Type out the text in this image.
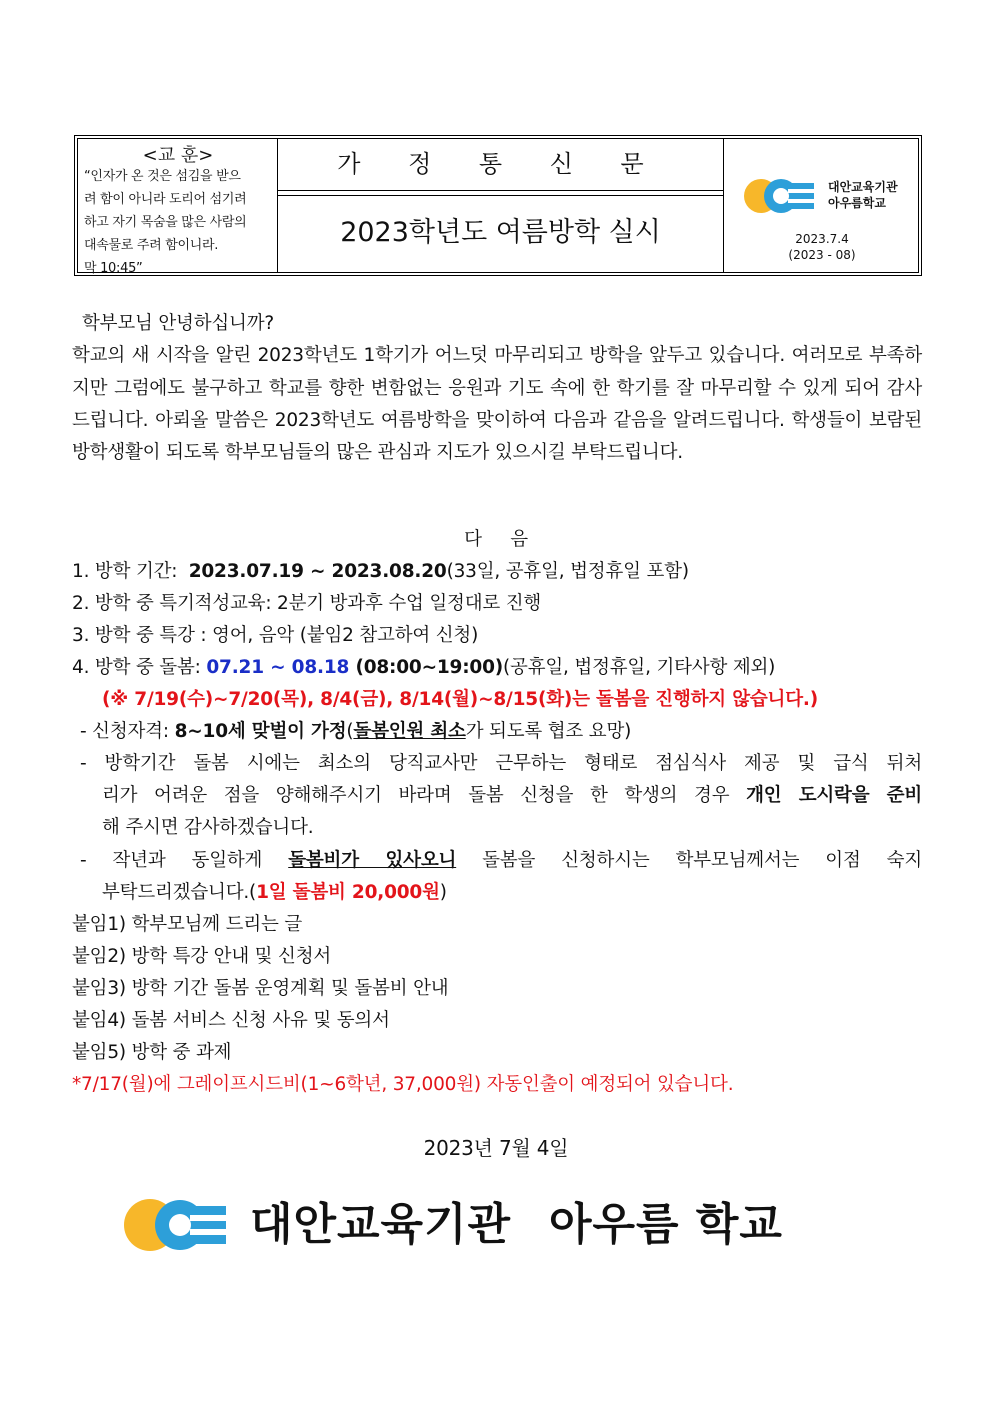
<교 훈>
“인자가 온 것은 섬김을 받으
려 함이 아니라 도리어 섬기려
하고 자기 목숨을 많은 사람의
대속물로 주려 함이니라.
막 10:45”
가 정 통 신 문
2023학년도 여름방학 실시
대안교육기관
아우름학교
2023.7.4
(2023 - 08)
학부모님 안녕하십니까?
학교의 새 시작을 알린 2023학년도 1학기가 어느덧 마무리되고 방학을 앞두고 있습니다. 여러모로 부족하지만 그럼에도 불구하고 학교를 향한 변함없는 응원과 기도 속에 한 학기를 잘 마무리할 수 있게 되어 감사드립니다. 아뢰올 말씀은 2023학년도 여름방학을 맞이하여 다음과 같음을 알려드립니다. 학생들이 보람된 방학생활이 되도록 학부모님들의 많은 관심과 지도가 있으시길 부탁드립니다.
다     음
1. 방학 기간:  2023.07.19 ~ 2023.08.20(33일, 공휴일, 법정휴일 포함)
2. 방학 중 특기적성교육: 2분기 방과후 수업 일정대로 진행
3. 방학 중 특강 : 영어, 음악 (붙임2 참고하여 신청)
4. 방학 중 돌봄: 07.21 ~ 08.18 (08:00~19:00)(공휴일, 법정휴일, 기타사항 제외)
(※ 7/19(수)~7/20(목), 8/4(금), 8/14(월)~8/15(화)는 돌봄을 진행하지 않습니다.)
- 신청자격: 8~10세 맞벌이 가정(돌봄인원 최소가 되도록 협조 요망)
- 방학기간 돌봄 시에는 최소의 당직교사만 근무하는 형태로 점심식사 제공 및 급식 뒤처
리가 어려운 점을 양해해주시기 바라며 돌봄 신청을 한 학생의 경우 개인 도시락을 준비
해 주시면 감사하겠습니다.
- 작년과 동일하게 돌봄비가 있사오니 돌봄을 신청하시는 학부모님께서는 이점 숙지
부탁드리겠습니다.(1일 돌봄비 20,000원)
붙임1) 학부모님께 드리는 글
붙임2) 방학 특강 안내 및 신청서
붙임3) 방학 기간 돌봄 운영계획 및 돌봄비 안내
붙임4) 돌봄 서비스 신청 사유 및 동의서
붙임5) 방학 중 과제
*7/17(월)에 그레이프시드비(1~6학년, 37,000원) 자동인출이 예정되어 있습니다.
2023년 7월 4일
대안교육기관 아우름 학교
